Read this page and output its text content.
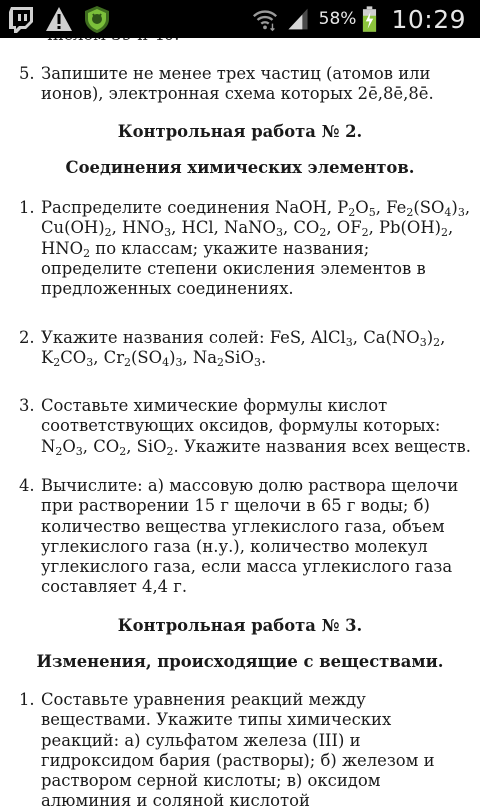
5. Запишите не менее трех частиц (атомов или
ионов), электронная схема которых 2ē,8ē,8ē.
Контрольная работа № 2.
Соединения химических элементов.
1. Распределите соединения NaOH, $P_2O_5$, $Fe_2(SO_4)_3$,
$Cu(OH)_2$, $HNO_3$, HCl, NaNO$_3$, $CO_2$, $OF_2$, $Pb(OH)_2$,
$HNO_2$ по классам; укажите названия;
определите степени окисления элементов в
предложенных соединениях.
2. Укажите названия солей: FeS, AlCl$_3$, $Ca(NO_3)_2$,
$K_2CO_3$, $Cr_2(SO_4)_3$, $Na_2SiO_3$.
3. Составьте химические формулы кислот
соответствующих оксидов, формулы которых:
$N_2O_3$, $CO_2$, SiO$_2$. Укажите названия всех веществ.
4. Вычислите: а) массовую долю раствора щелочи
при растворении 15 г щелочи в 65 г воды; б)
количество вещества углекислого газа, объем
углекислого газа (н.у.), количество молекул
углекислого газа, если масса углекислого газа
составляет 4,4 г.
Контрольная работа № 3.
Изменения, происходящие с веществами.
1. Составьте уравнения реакций между
веществами. Укажите типы химических
реакций: а) сульфатом железа (III) и
гидроксидом бария (растворы); б) железом и
раствором серной кислоты; в) оксидом
алюминия и соляной кислотой
58% 10:29
